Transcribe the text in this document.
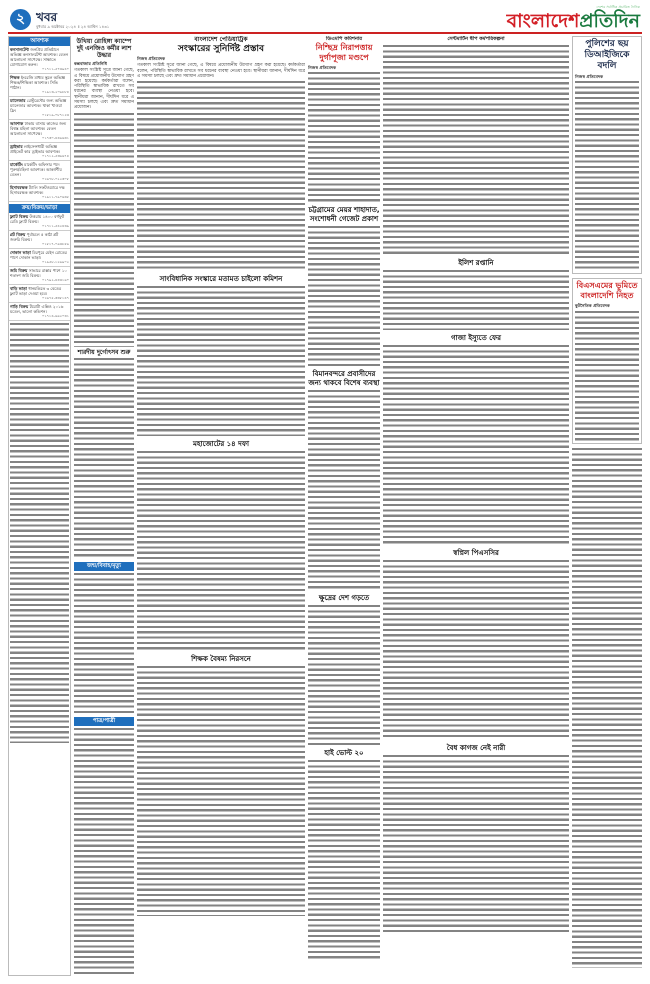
২ খবর
বুধবার ৯ অক্টোবর ২০২৪ ॥ ২৪ আশ্বিন ১৪৩১
দেশের সর্বাধিক প্রচারিত দৈনিক
বাংলাদেশপ্রতিদিন
আবশ্যক
কনসালটেন্ট জনপ্রিয় প্রতিষ্ঠানে অভিজ্ঞ কনসালটেন্ট আবশ্যক। বেতন আলোচনা সাপেক্ষে। সাক্ষাতে যোগাযোগ করুন।
০১৭১১-৫৭৩৯৪০
শিক্ষক ইংরেজি মাধ্যম স্কুলে অভিজ্ঞ শিক্ষক/শিক্ষিকা আবশ্যক। সিভি পাঠান।
০১৯১৩-২০৬৮৮৪
ম্যানেজার রেস্টুরেন্টের জন্য অভিজ্ঞ ম্যানেজার আবশ্যক। থাকা খাওয়া ফ্রি।
০১৮১৯-০৮৭১২৩
আবশ্যক ঢাকায় বাসায় কাজের জন্য বিশ্বস্ত মহিলা আবশ্যক। বেতন আলোচনা সাপেক্ষে।
০১৭৩০-৪৪৬৬৩১
ড্রাইভার লাইসেন্সধারী অভিজ্ঞ প্রাইভেট কার ড্রাইভার আবশ্যক।
০১৭১২-৫৩৬৬৭৪
মার্কেটিং মার্কেটিং অফিসার পদে পুরুষ/মহিলা আবশ্যক। আকর্ষণীয় বেতন।
০১৬৭৮-০২২৩০৮
হিসাবরক্ষক ট্যালি সফটওয়্যারে দক্ষ হিসাবরক্ষক আবশ্যক।
০১৯১১-৭৯০৬৩৫
ক্রয়/বিক্রয়/ভাড়া
ফ্ল্যাট বিক্রয় উত্তরায় ১৪০০ বর্গফুট রেডি ফ্ল্যাট বিক্রয়।
০১৭১১-৫৪২৪৩৯
প্লট বিক্রয় পূর্বাচলে ৫ কাঠা প্লট জরুরি বিক্রয়।
০১৮১৭-০৯৩৮৫৬
দোকান ভাড়া মিরপুরে মেইন রোডের পাশে দোকান ভাড়া।
০১৯৫৮-১২৬৯০২
জমি বিক্রয় সাভারে রাস্তার পাশে ১০ শতাংশ জমি বিক্রয়।
০১৭৯২-৪৪৩১৬০
বাড়ি ভাড়া ধানমন্ডিতে ৩ বেডের ফ্ল্যাট ভাড়া দেওয়া হবে।
০১৬৭৫-৩৩৮১৪৭
গাড়ি বিক্রয় টয়োটা এক্সিও ২০১৬ মডেল, ভালো কন্ডিশন।
০১৭১৪-৬৬২০৩১
উখিয়া রোহিঙ্গা ক্যাম্পে দুই এনজিও কর্মীর লাশ উদ্ধার
কক্সবাজার প্রতিনিধি
গতকাল সংশ্লিষ্ট সূত্রে জানা গেছে, এ বিষয়ে প্রয়োজনীয় উদ্যোগ গ্রহণ করা হয়েছে। কর্মকর্তারা বলেন, পরিস্থিতি স্বাভাবিক রাখতে সব ধরনের ব্যবস্থা নেওয়া হবে। স্থানীয়রা জানান, দীর্ঘদিন ধরে এ সমস্যা চলছে এবং দ্রুত সমাধান প্রয়োজন।
শারদীয় দুর্গোৎসব শুরু
জন্ম/বিবাহ/মৃত্যু
পাত্র/পাত্রী
বাংলাদেশ পেডিয়াট্রিক
সংস্কারের সুনির্দিষ্ট প্রস্তাব
নিজস্ব প্রতিবেদক
গতকাল সংশ্লিষ্ট সূত্রে জানা গেছে, এ বিষয়ে প্রয়োজনীয় উদ্যোগ গ্রহণ করা হয়েছে। কর্মকর্তারা বলেন, পরিস্থিতি স্বাভাবিক রাখতে সব ধরনের ব্যবস্থা নেওয়া হবে। স্থানীয়রা জানান, দীর্ঘদিন ধরে এ সমস্যা চলছে এবং দ্রুত সমাধান প্রয়োজন।
সাংবিধানিক সংস্কারে মতামত চাইলো কমিশন
মহাজোটের ১৪ দফা
শিক্ষক বৈষম্য নিরসনে
ডিএমপি কমিশনার
নিশ্ছিদ্র নিরাপত্তায় দুর্গাপূজা মণ্ডপে
নিজস্ব প্রতিবেদক
চট্টগ্রামের মেয়র শাহাদাত, সংশোধনী গেজেট প্রকাশ
বিমানবন্দরে প্রবাসীদের জন্য থাকবে বিশেষ ব্যবস্থা
ক্ষুদ্রের দেশ গড়তে
হাই ভোল্ট ২০
সেন্টমার্টিন দ্বীপ কর্মপরিকল্পনা
ইলিশ রপ্তানি
গাজা ইস্যুতে ফের
স্বপ্নিল পিএসসির
বৈধ কাগজ নেই নারী
পুলিশের ছয় ডিআইজিকে বদলি
নিজস্ব প্রতিবেদক
বিএসএমের ভূমিতে বাংলাদেশি নিহত
কূটনৈতিক প্রতিবেদক
